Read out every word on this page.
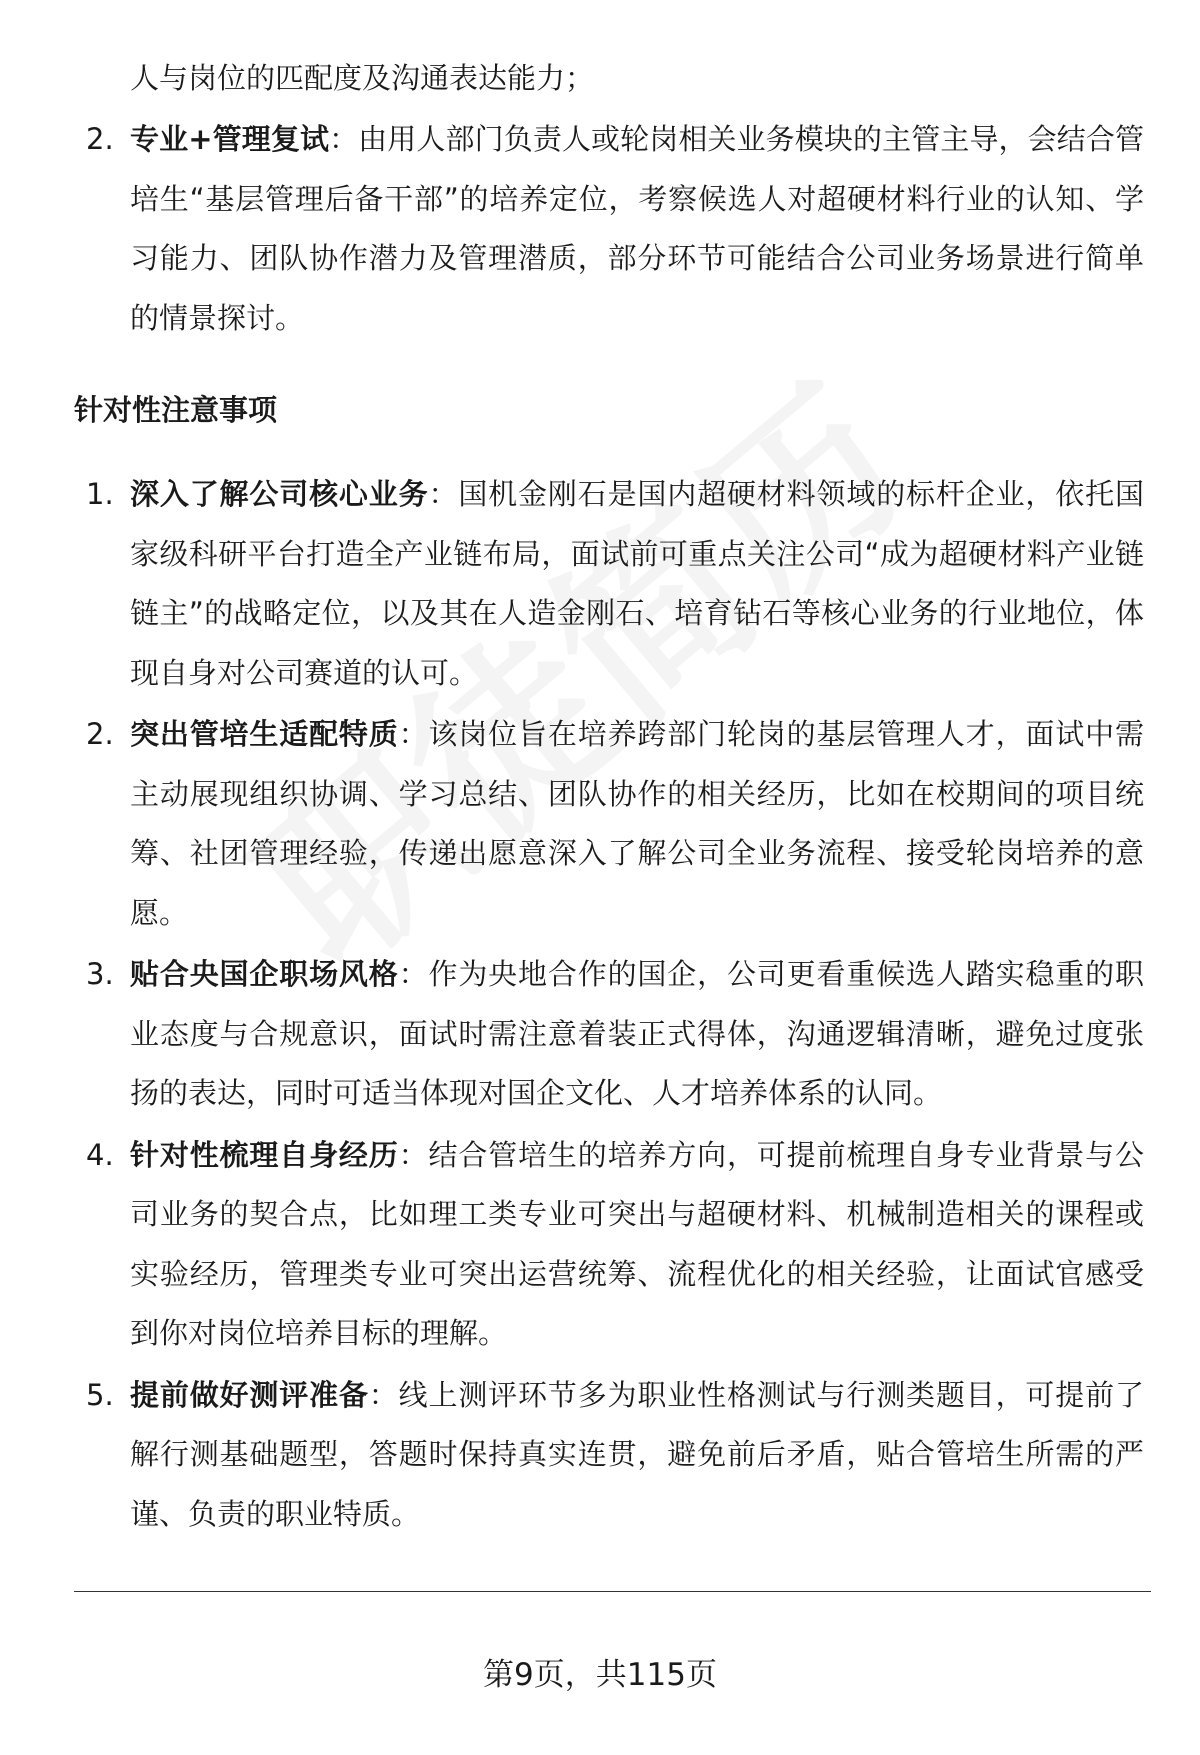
人与岗位的匹配度及沟通表达能力；
2. 专业+管理复试：由用人部门负责人或轮岗相关业务模块的主管主导，会结合管培生“基层管理后备干部”的培养定位，考察候选人对超硬材料行业的认知、学习能力、团队协作潜力及管理潜质，部分环节可能结合公司业务场景进行简单的情景探讨。
针对性注意事项
1. 深入了解公司核心业务：国机金刚石是国内超硬材料领域的标杆企业，依托国家级科研平台打造全产业链布局，面试前可重点关注公司“成为超硬材料产业链链主”的战略定位，以及其在人造金刚石、培育钻石等核心业务的行业地位，体现自身对公司赛道的认可。
2. 突出管培生适配特质：该岗位旨在培养跨部门轮岗的基层管理人才，面试中需主动展现组织协调、学习总结、团队协作的相关经历，比如在校期间的项目统筹、社团管理经验，传递出愿意深入了解公司全业务流程、接受轮岗培养的意愿。
3. 贴合央国企职场风格：作为央地合作的国企，公司更看重候选人踏实稳重的职业态度与合规意识，面试时需注意着装正式得体，沟通逻辑清晰，避免过度张扬的表达，同时可适当体现对国企文化、人才培养体系的认同。
4. 针对性梳理自身经历：结合管培生的培养方向，可提前梳理自身专业背景与公司业务的契合点，比如理工类专业可突出与超硬材料、机械制造相关的课程或实验经历，管理类专业可突出运营统筹、流程优化的相关经验，让面试官感受到你对岗位培养目标的理解。
5. 提前做好测评准备：线上测评环节多为职业性格测试与行测类题目，可提前了解行测基础题型，答题时保持真实连贯，避免前后矛盾，贴合管培生所需的严谨、负责的职业特质。
第9页，共115页
